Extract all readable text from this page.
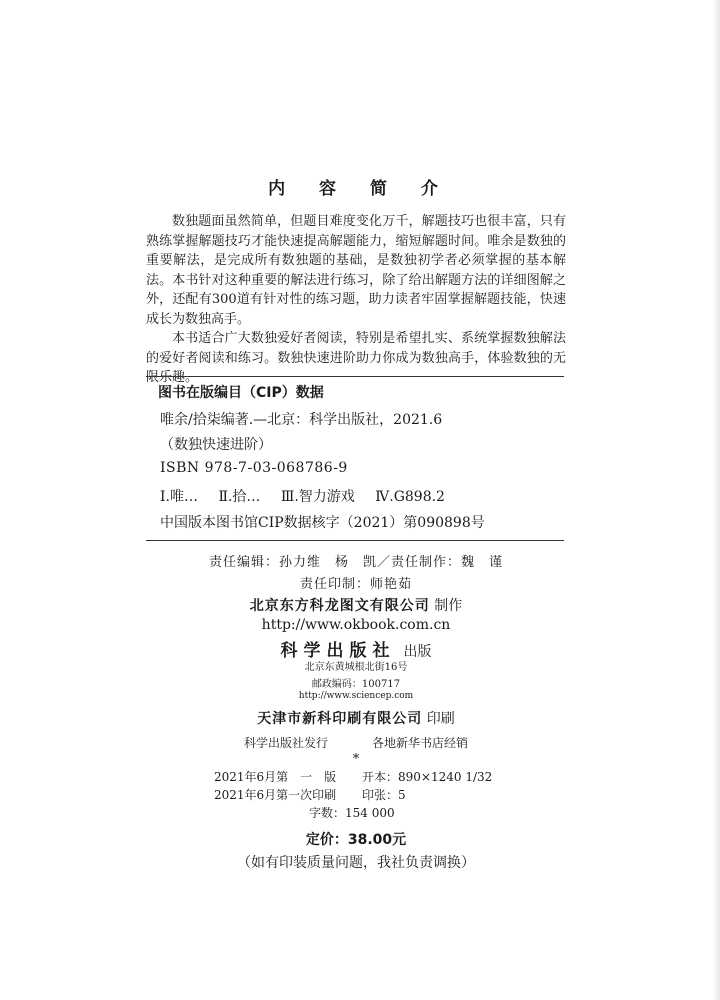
内 容 简 介

数独题面虽然简单，但题目难度变化万千，解题技巧也很丰富，只有熟练掌握解题技巧才能快速提高解题能力，缩短解题时间。唯余是数独的重要解法，是完成所有数独题的基础，是数独初学者必须掌握的基本解法。本书针对这种重要的解法进行练习，除了给出解题方法的详细图解之外，还配有300道有针对性的练习题，助力读者牢固掌握解题技能，快速成长为数独高手。

本书适合广大数独爱好者阅读，特别是希望扎实、系统掌握数独解法的爱好者阅读和练习。数独快速进阶助力你成为数独高手，体验数独的无限乐趣。

图书在版编目（CIP）数据
唯余/拾柒编著.—北京：科学出版社，2021.6
（数独快速进阶）
ISBN 978-7-03-068786-9
Ⅰ.唯… Ⅱ.拾… Ⅲ.智力游戏 Ⅳ.G898.2
中国版本图书馆CIP数据核字（2021）第090898号
责任编辑：孙力维　杨　凯／责任制作：魏　谨
责任印制：师艳茹
北京东方科龙图文有限公司 制作
http://www.okbook.com.cn
科学出版社 出版
北京东黄城根北街16号
邮政编码：100717
http://www.sciencep.com
天津市新科印刷有限公司 印刷
科学出版社发行	各地新华书店经销
*
2021年6月第　一　版 开本：890×1240 1/32
2021年6月第一次印刷 印张：5
字数：154 000
定价：38.00元
（如有印装质量问题，我社负责调换）
